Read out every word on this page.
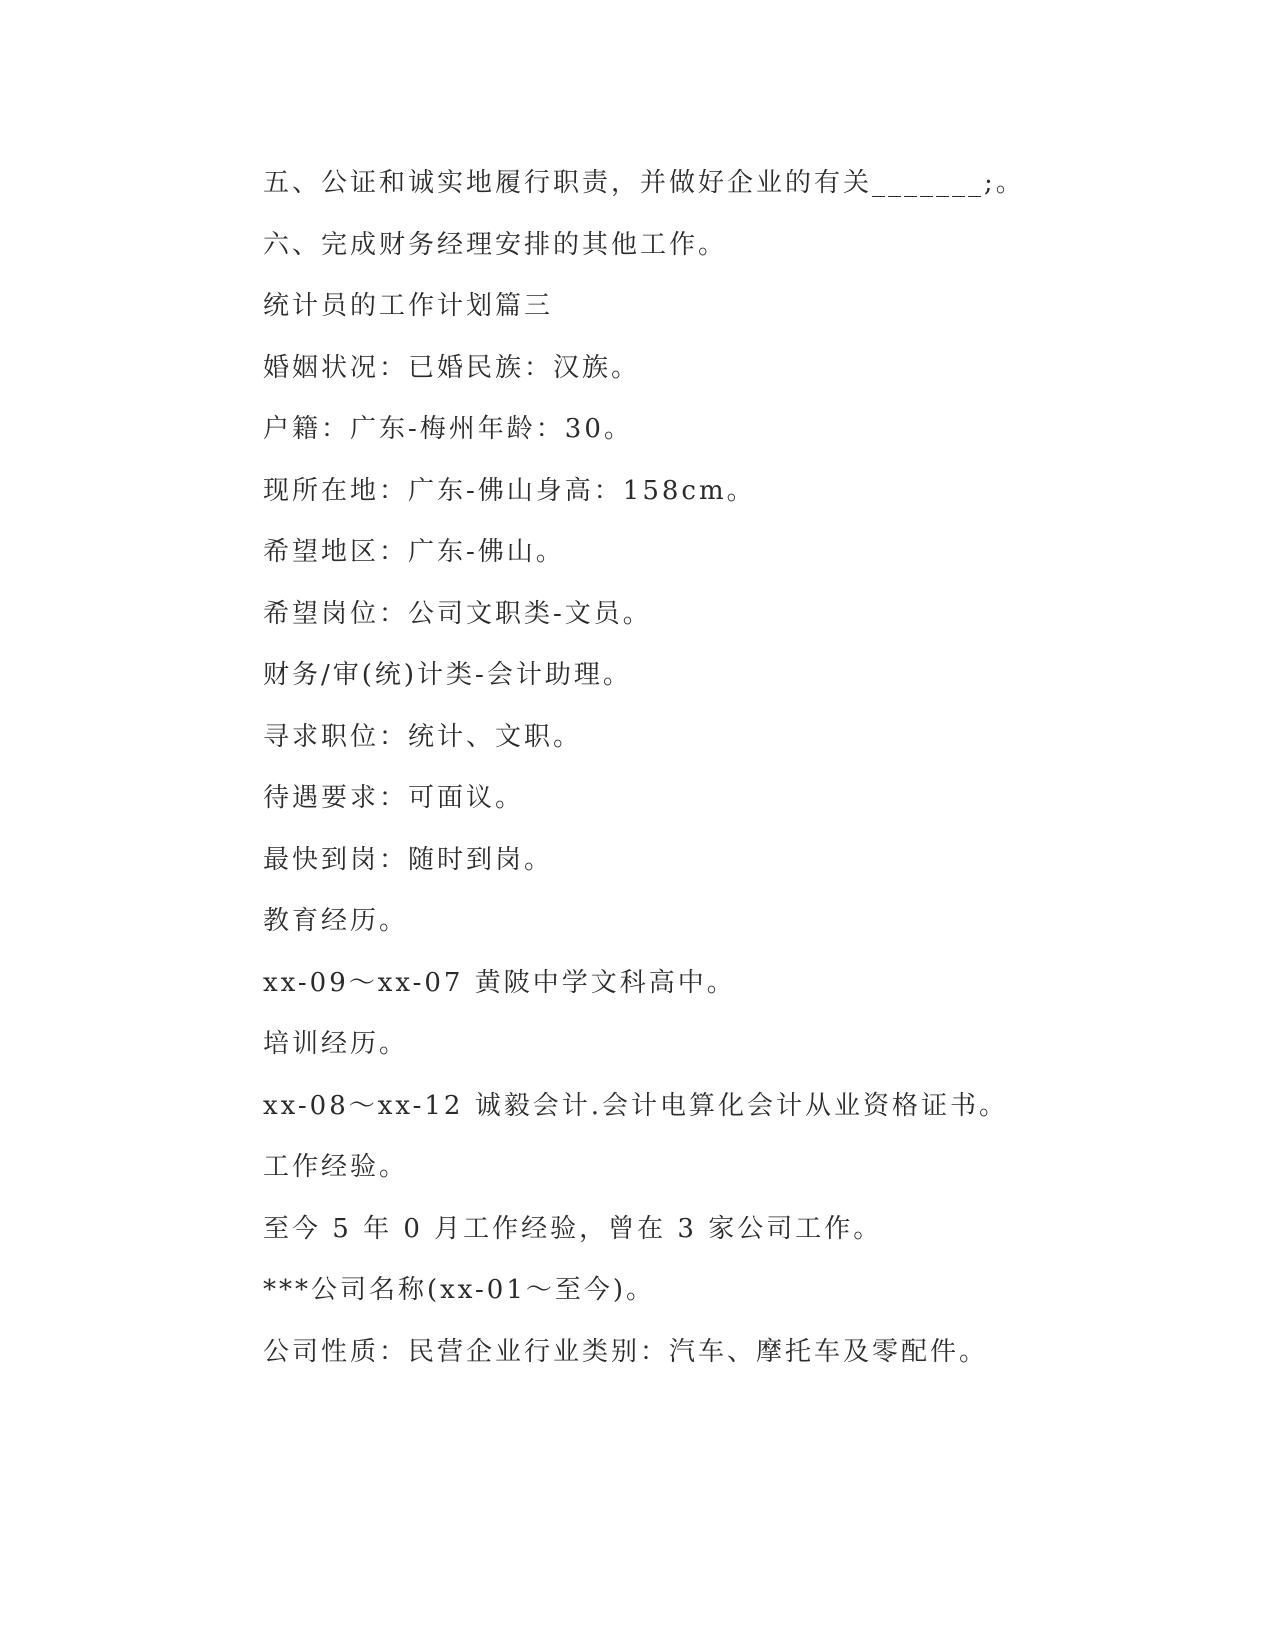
五、公证和诚实地履行职责，并做好企业的有关_______;。

六、完成财务经理安排的其他工作。

统计员的工作计划篇三

婚姻状况：已婚民族：汉族。

户籍：广东-梅州年龄：30。

现所在地：广东-佛山身高：158cm。

希望地区：广东-佛山。

希望岗位：公司文职类-文员。

财务/审(统)计类-会计助理。

寻求职位：统计、文职。

待遇要求：可面议。

最快到岗：随时到岗。

教育经历。

xx-09～xx-07 黄陂中学文科高中。

培训经历。

xx-08～xx-12 诚毅会计.会计电算化会计从业资格证书。

工作经验。

至今 5 年 0 月工作经验，曾在 3 家公司工作。

***公司名称(xx-01～至今)。

公司性质：民营企业行业类别：汽车、摩托车及零配件。
